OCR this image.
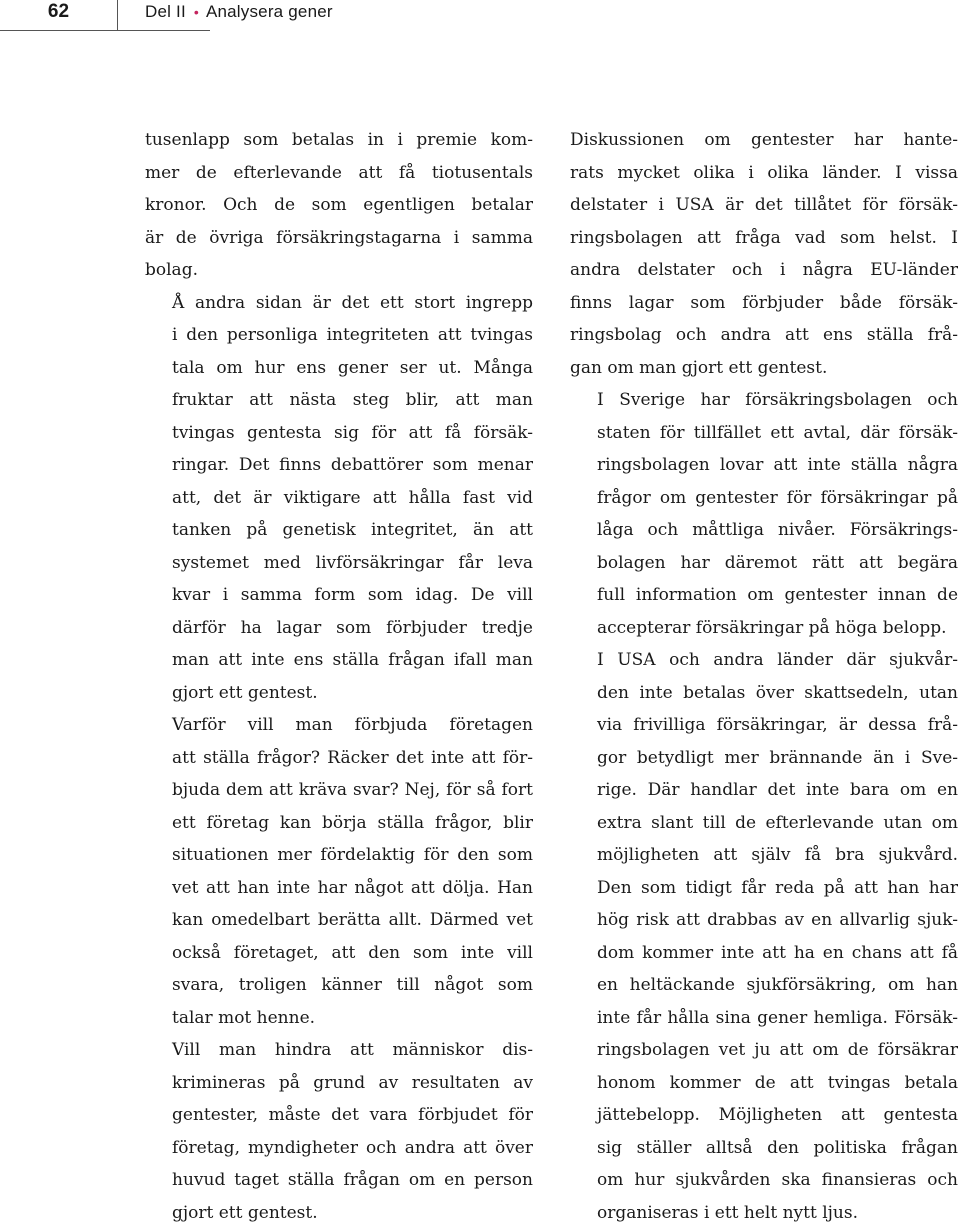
62	Del II • Analysera gener

tusenlapp som betalas in i premie kom-
mer de efterlevande att få tiotusentals
kronor. Och de som egentligen betalar
är de övriga försäkringstagarna i samma
bolag.

Å andra sidan är det ett stort ingrepp
i den personliga integriteten att tvingas
tala om hur ens gener ser ut. Många
fruktar att nästa steg blir, att man
tvingas gentesta sig för att få försäk-
ringar. Det finns debattörer som menar
att, det är viktigare att hålla fast vid
tanken på genetisk integritet, än att
systemet med livförsäkringar får leva
kvar i samma form som idag. De vill
därför ha lagar som förbjuder tredje
man att inte ens ställa frågan ifall man
gjort ett gentest.

Varför vill man förbjuda företagen
att ställa frågor? Räcker det inte att för-
bjuda dem att kräva svar? Nej, för så fort
ett företag kan börja ställa frågor, blir
situationen mer fördelaktig för den som
vet att han inte har något att dölja. Han
kan omedelbart berätta allt. Därmed vet
också företaget, att den som inte vill
svara, troligen känner till något som
talar mot henne.

Vill man hindra att människor dis-
krimineras på grund av resultaten av
gentester, måste det vara förbjudet för
företag, myndigheter och andra att över
huvud taget ställa frågan om en person
gjort ett gentest.

Diskussionen om gentester har hante-
rats mycket olika i olika länder. I vissa
delstater i USA är det tillåtet för försäk-
ringsbolagen att fråga vad som helst. I
andra delstater och i några EU-länder
finns lagar som förbjuder både försäk-
ringsbolag och andra att ens ställa frå-
gan om man gjort ett gentest.

I Sverige har försäkringsbolagen och
staten för tillfället ett avtal, där försäk-
ringsbolagen lovar att inte ställa några
frågor om gentester för försäkringar på
låga och måttliga nivåer. Försäkrings-
bolagen har däremot rätt att begära
full information om gentester innan de
accepterar försäkringar på höga belopp.

I USA och andra länder där sjukvår-
den inte betalas över skattsedeln, utan
via frivilliga försäkringar, är dessa frå-
gor betydligt mer brännande än i Sve-
rige. Där handlar det inte bara om en
extra slant till de efterlevande utan om
möjligheten att själv få bra sjukvård.
Den som tidigt får reda på att han har
hög risk att drabbas av en allvarlig sjuk-
dom kommer inte att ha en chans att få
en heltäckande sjukförsäkring, om han
inte får hålla sina gener hemliga. Försäk-
ringsbolagen vet ju att om de försäkrar
honom kommer de att tvingas betala
jättebelopp. Möjligheten att gentesta
sig ställer alltså den politiska frågan
om hur sjukvården ska finansieras och
organiseras i ett helt nytt ljus.
